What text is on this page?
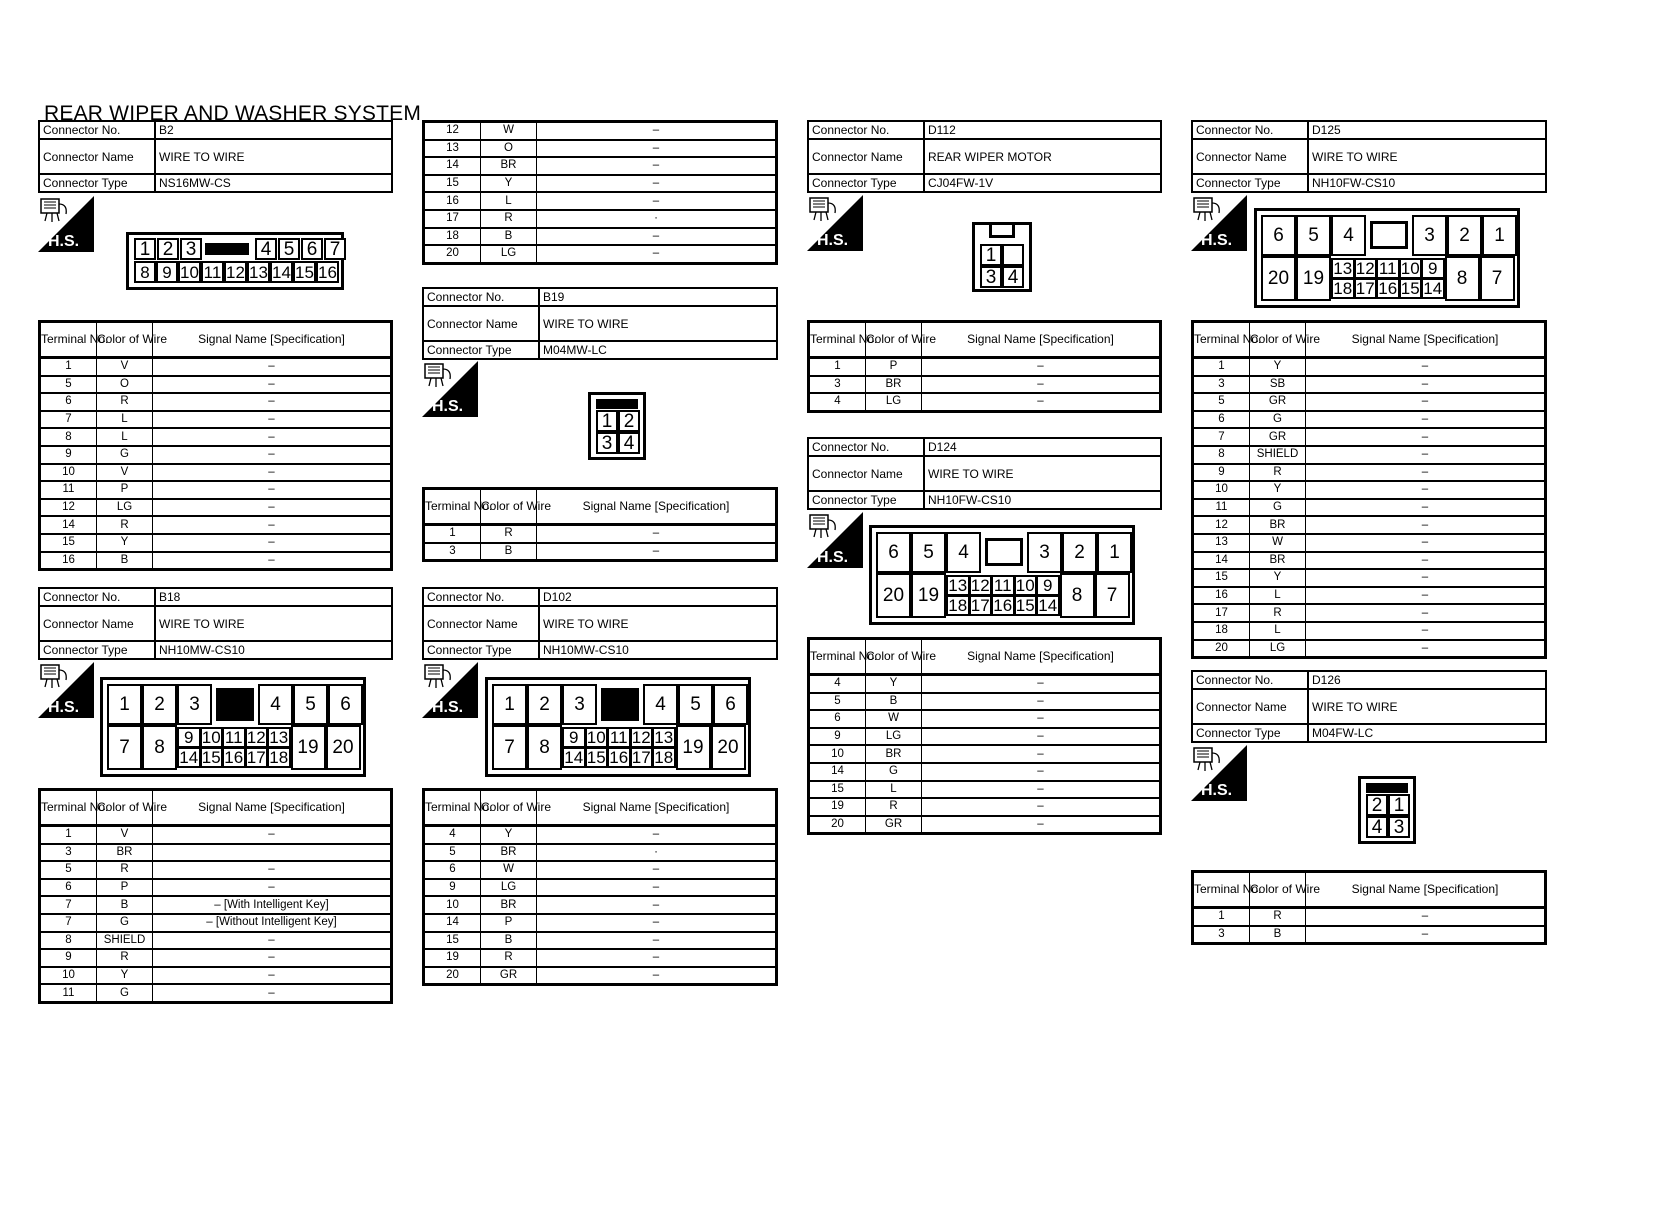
REAR WIPER AND WASHER SYSTEM
Connector No.	B2
Connector Name	WIRE TO WIRE
Connector Type	NS16MW-CS
H.S.	1 2 3	4 5 6 7
8 9 10 11 12 13 14 15 16
Terminal No.	Color of Wire	Signal Name [Specification]
1	V	–
5	O	–
6	R	–
7	L	–
8	L	–
9	G	–
10	V	–
11	P	–
12	LG	–
14	R	–
15	Y	–
16	B	–
Connector No.	B18
Connector Name	WIRE TO WIRE
Connector Type	NH10MW-CS10
H.S.	1	2	3	4	5	6
7	8	9 10 11 12 13
14 15 16 17 18 19 20
Terminal No.	Color of Wire	Signal Name [Specification]
1	V	–
3	BR	
5	R	–
6	P	–
7	B	– [With Intelligent Key]
7	G	– [Without Intelligent Key]
8	SHIELD	–
9	R	–
10	Y	–
11	G	–
12	W	–
13	O	–
14	BR	–
15	Y	–
16	L	–
17	R	·
18	B	–
20	LG	–
Connector No.	B19
Connector Name	WIRE TO WIRE
Connector Type	M04MW-LC
H.S.
1 2
3 4
Terminal No.	Color of Wire	Signal Name [Specification]
1	R	–
3	B	–
Connector No.	D102
Connector Name	WIRE TO WIRE
Connector Type	NH10MW-CS10
H.S.	1	2	3	4	5	6
7	8	9 10 11 12 13
14 15 16 17 18 19 20
Terminal No.	Color of Wire	Signal Name [Specification]
4	Y	–
5	BR	·
6	W	–
9	LG	–
10	BR	–
14	P	–
15	B	–
19	R	–
20	GR	–
Connector No.	D112
Connector Name	REAR WIPER MOTOR
Connector Type	CJ04FW-1V
H.S.
1
3 4
Terminal No.	Color of Wire	Signal Name [Specification]
1	P	–
3	BR	–
4	LG	–
Connector No.	D124
Connector Name	WIRE TO WIRE
Connector Type	NH10FW-CS10
H.S.	6	5	4	3	2	1
20 19 13 12 11 10 9
18 17 16 15 14 8	7
Terminal No.	Color of Wire	Signal Name [Specification]
4	Y	–
5	B	–
6	W	–
9	LG	–
10	BR	–
14	G	–
15	L	–
19	R	–
20	GR	–
Connector No.	D125
Connector Name	WIRE TO WIRE
Connector Type	NH10FW-CS10
H.S.	6	5	4	3	2	1
20 19 13 12 11 10 9
18 17 16 15 14 8	7
Terminal No.	Color of Wire	Signal Name [Specification]
1	Y	–
3	SB	–
5	GR	–
6	G	–
7	GR	–
8	SHIELD	–
9	R	–
10	Y	–
11	G	–
12	BR	–
13	W	–
14	BR	–
15	Y	–
16	L	–
17	R	–
18	L	–
20	LG	–
Connector No.	D126
Connector Name	WIRE TO WIRE
Connector Type	M04FW-LC
H.S.
2 1
4 3
Terminal No.	Color of Wire	Signal Name [Specification]
1	R	–
3	B	–
